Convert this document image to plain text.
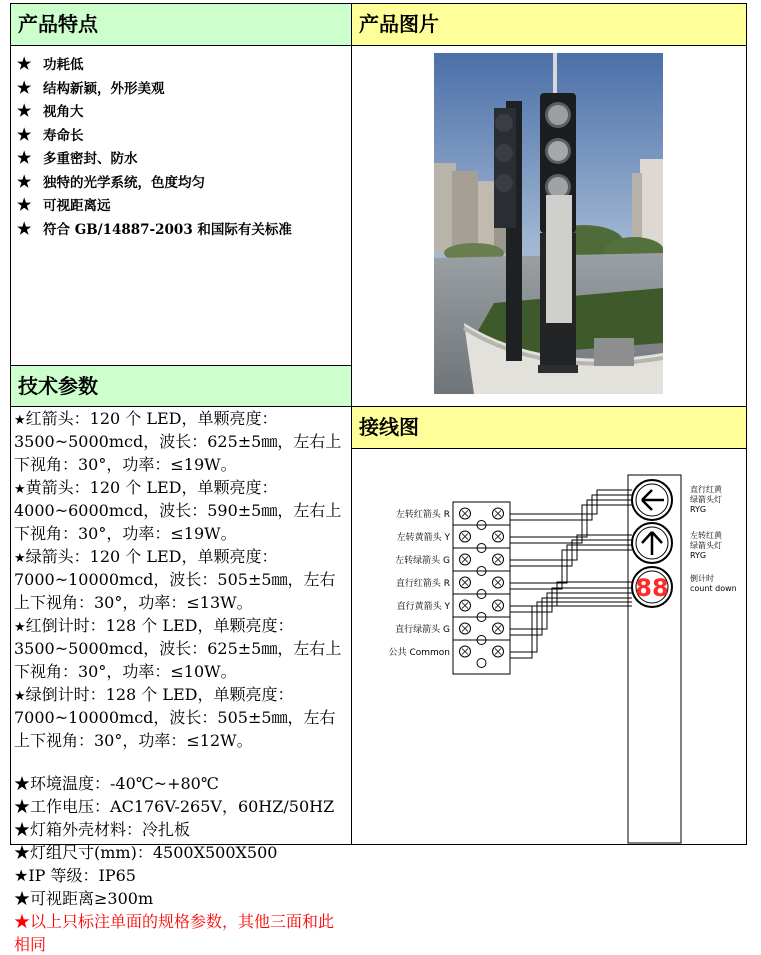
产品特点
★ 功耗低
★ 结构新颖，外形美观
★ 视角大
★ 寿命长
★ 多重密封、防水
★ 独特的光学系统，色度均匀
★ 可视距离远
★ 符合 GB/14887-2003 和国际有关标准
产品图片
技术参数
接线图
★红箭头：120 个 LED，单颗亮度：3500~5000mcd，波长：625±5㎜，左右上下视角：30°，功率：≤19W。
★黄箭头：120 个 LED，单颗亮度：4000~6000mcd，波长：590±5㎜，左右上下视角：30°，功率：≤19W。
★绿箭头：120 个 LED，单颗亮度：7000~10000mcd，波长：505±5㎜，左右上下视角：30°，功率：≤13W。
★红倒计时：128 个 LED，单颗亮度：3500~5000mcd，波长：625±5㎜，左右上下视角：30°，功率：≤10W。
★绿倒计时：128 个 LED，单颗亮度：7000~10000mcd，波长：505±5㎜，左右上下视角：30°，功率：≤12W。
★环境温度：-40℃~+80℃
★工作电压：AC176V-265V，60HZ/50HZ
★灯箱外壳材料：冷扎板
★灯组尺寸(mm)：4500X500X500
★IP 等级：IP65
★可视距离≥300m
★以上只标注单面的规格参数，其他三面和此相同
左转红箭头 R
左转黄箭头 Y
左转绿箭头 G
直行红箭头 R
直行黄箭头 Y
直行绿箭头 G
公共 Common
88
直行红黄
绿箭头灯
RYG
左转红黄
绿箭头灯
RYG
倒计时
count down
